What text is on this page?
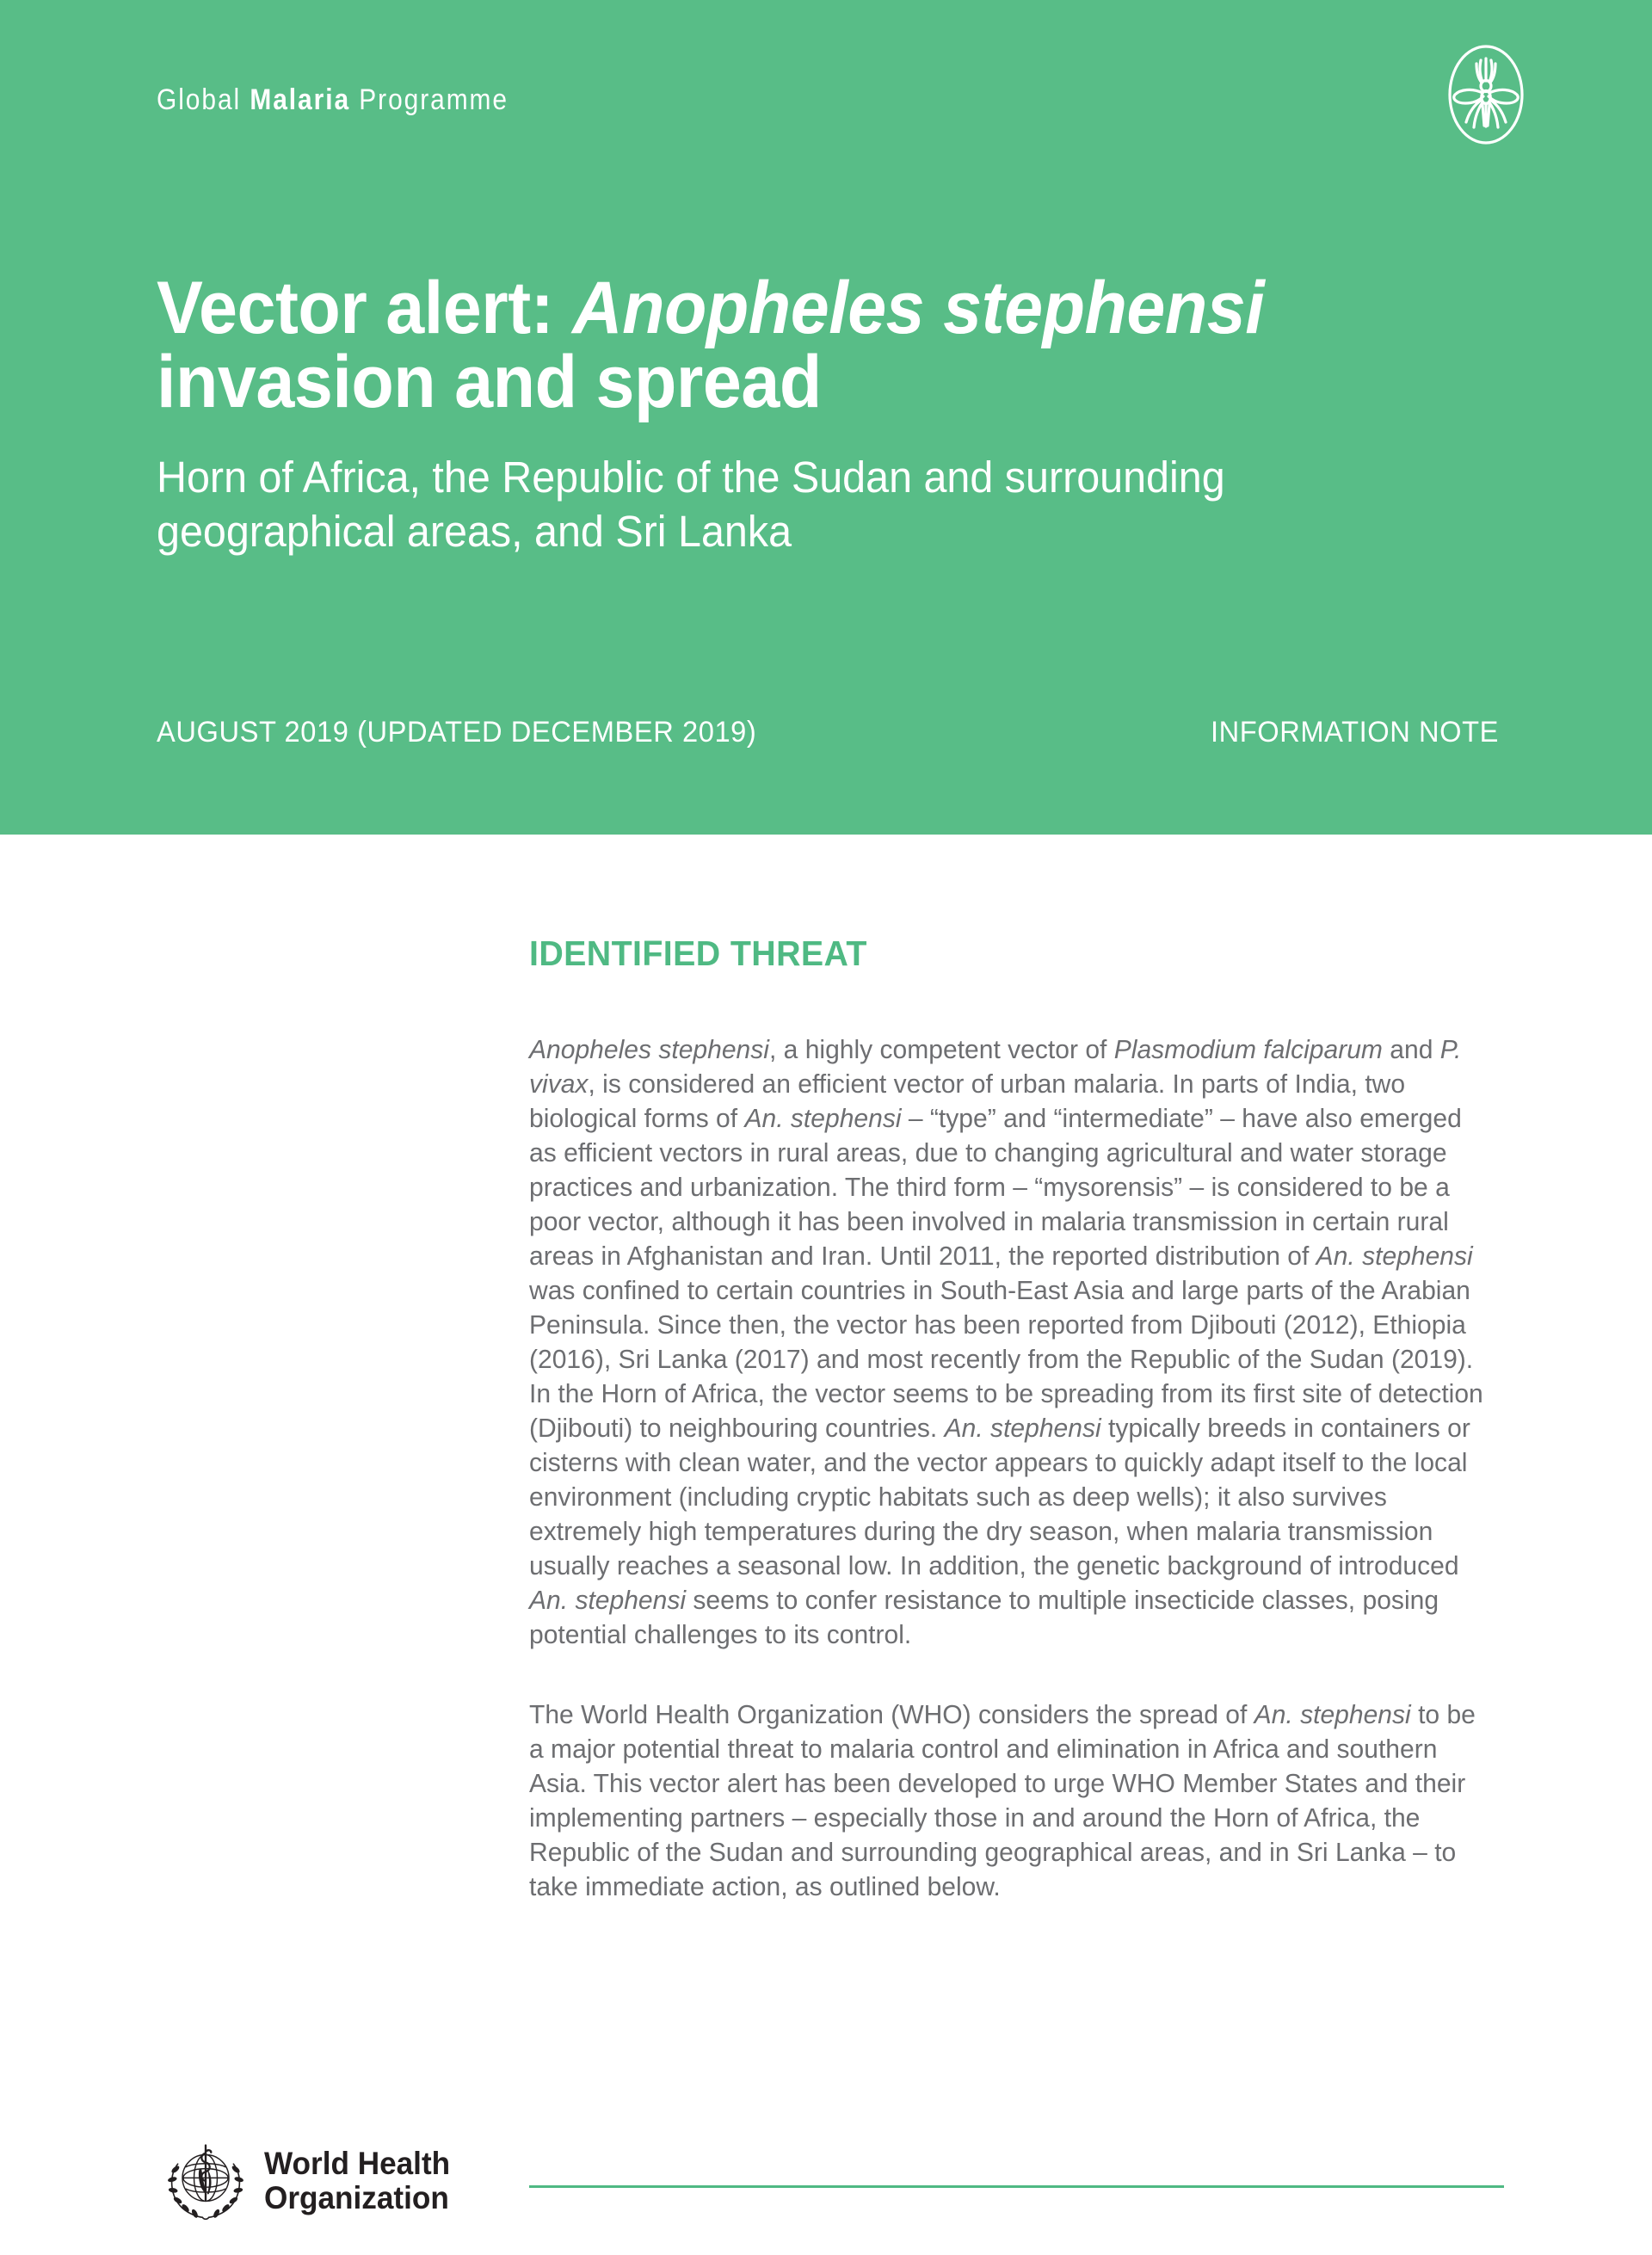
Global Malaria Programme
Vector alert: Anopheles stephensi
invasion and spread

Horn of Africa, the Republic of the Sudan and surrounding geographical areas, and Sri Lanka

AUGUST 2019 (UPDATED DECEMBER 2019)	INFORMATION NOTE
IDENTIFIED THREAT

Anopheles stephensi, a highly competent vector of Plasmodium falciparum and P. vivax, is considered an efficient vector of urban malaria. In parts of India, two biological forms of An. stephensi – “type” and “intermediate” – have also emerged as efficient vectors in rural areas, due to changing agricultural and water storage practices and urbanization. The third form – “mysorensis” – is considered to be a poor vector, although it has been involved in malaria transmission in certain rural areas in Afghanistan and Iran. Until 2011, the reported distribution of An. stephensi was confined to certain countries in South-East Asia and large parts of the Arabian Peninsula. Since then, the vector has been reported from Djibouti (2012), Ethiopia (2016), Sri Lanka (2017) and most recently from the Republic of the Sudan (2019). In the Horn of Africa, the vector seems to be spreading from its first site of detection (Djibouti) to neighbouring countries. An. stephensi typically breeds in containers or cisterns with clean water, and the vector appears to quickly adapt itself to the local environment (including cryptic habitats such as deep wells); it also survives extremely high temperatures during the dry season, when malaria transmission usually reaches a seasonal low. In addition, the genetic background of introduced An. stephensi seems to confer resistance to multiple insecticide classes, posing potential challenges to its control.

The World Health Organization (WHO) considers the spread of An. stephensi to be a major potential threat to malaria control and elimination in Africa and southern Asia. This vector alert has been developed to urge WHO Member States and their implementing partners – especially those in and around the Horn of Africa, the Republic of the Sudan and surrounding geographical areas, and in Sri Lanka – to take immediate action, as outlined below.

World Health
Organization
